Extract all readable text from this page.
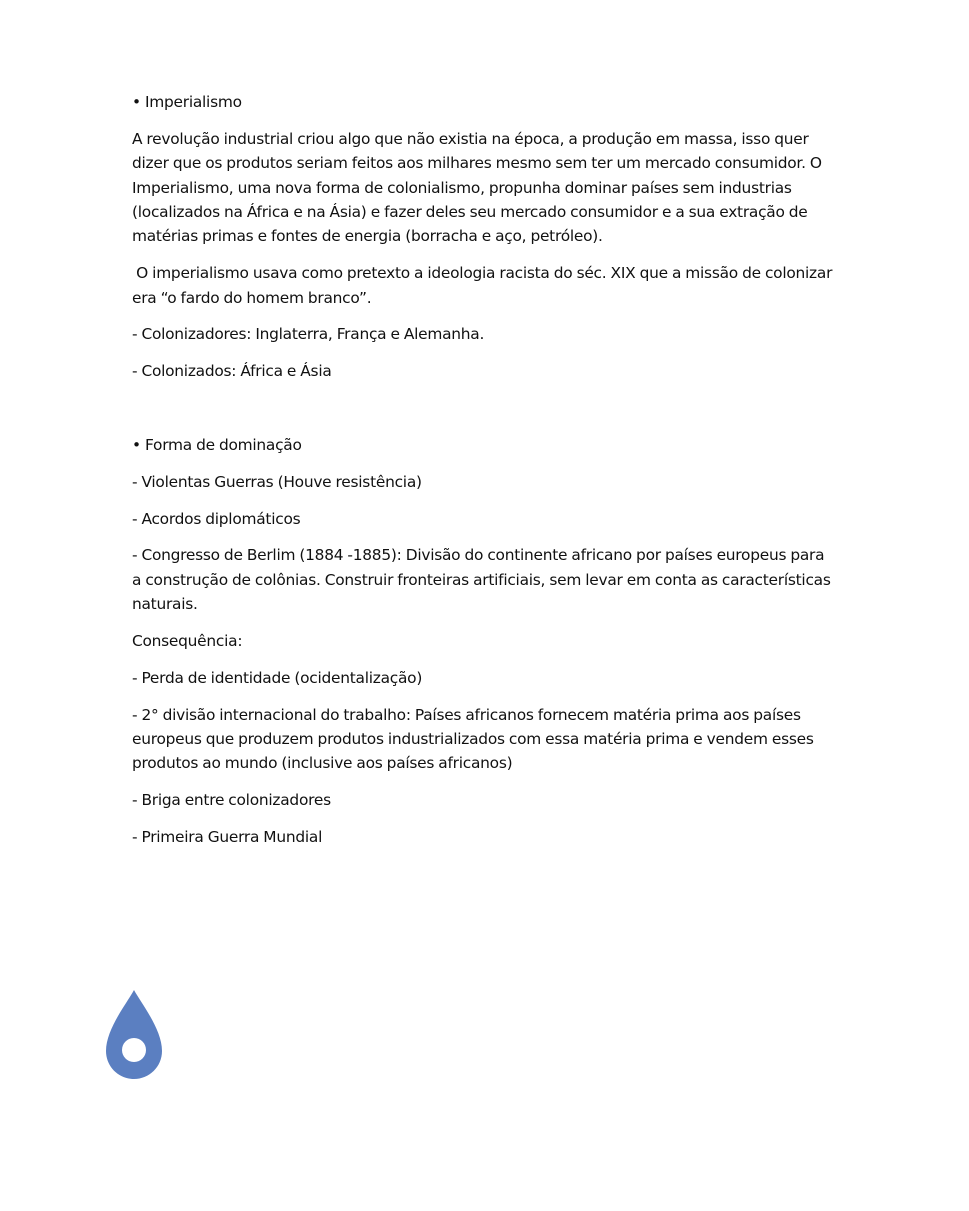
• Imperialismo

A revolução industrial criou algo que não existia na época, a produção em massa, isso quer dizer que os produtos seriam feitos aos milhares mesmo sem ter um mercado consumidor. O Imperialismo, uma nova forma de colonialismo, propunha dominar países sem industrias (localizados na África e na Ásia) e fazer deles seu mercado consumidor e a sua extração de matérias primas e fontes de energia (borracha e aço, petróleo).

O imperialismo usava como pretexto a ideologia racista do séc. XIX que a missão de colonizar era “o fardo do homem branco”.

- Colonizadores: Inglaterra, França e Alemanha.

- Colonizados: África e Ásia

• Forma de dominação

- Violentas Guerras (Houve resistência)

- Acordos diplomáticos

- Congresso de Berlim (1884 -1885): Divisão do continente africano por países europeus para a construção de colônias. Construir fronteiras artificiais, sem levar em conta as características naturais.

Consequência:

- Perda de identidade (ocidentalização)

- 2° divisão internacional do trabalho: Países africanos fornecem matéria prima aos países europeus que produzem produtos industrializados com essa matéria prima e vendem esses produtos ao mundo (inclusive aos países africanos)

- Briga entre colonizadores

- Primeira Guerra Mundial
